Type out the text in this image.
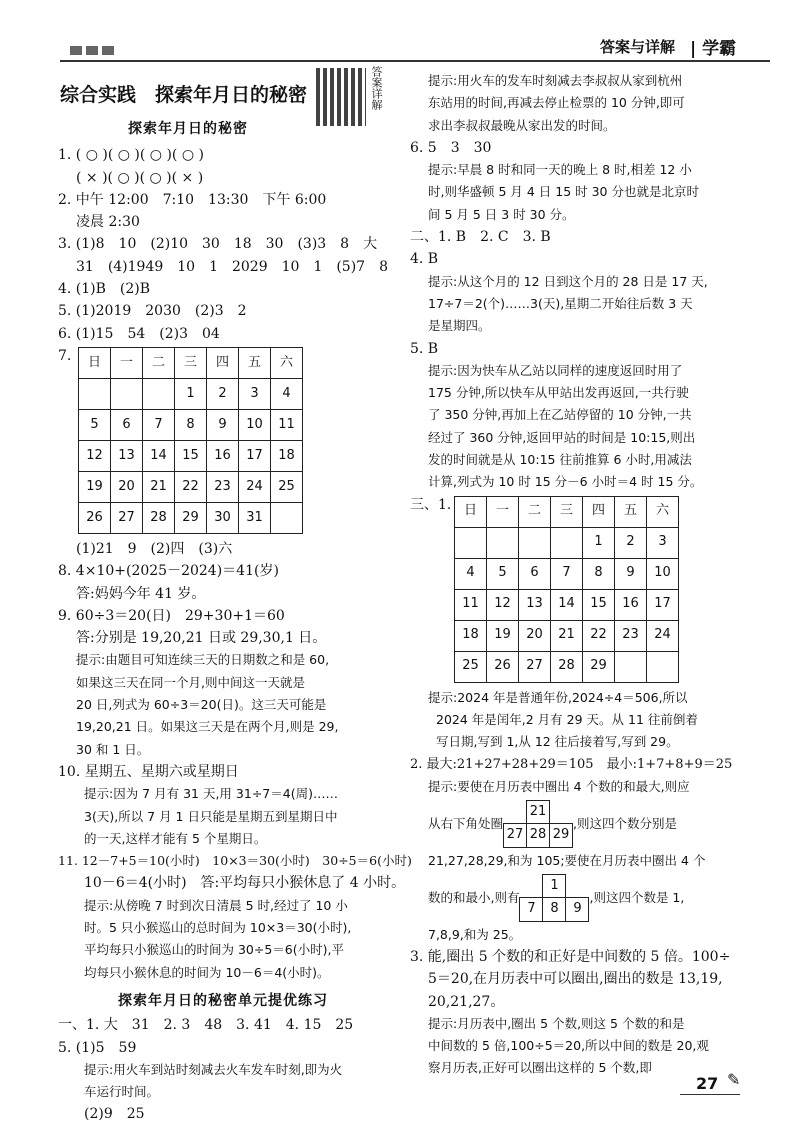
答案与详解 | 学霸

综合实践　探索年月日的秘密

探索年月日的秘密

1. ( ○ )( ○ )( ○ )( ○ )

( × )( ○ )( ○ )( × )

2. 中午 12:00　7:10　13:30　下午 6:00

凌晨 2:30

3. (1)8　10　(2)10　30　18　30　(3)3　8　大

31　(4)1949　10　1　2029　10　1　(5)7　8

4. (1)B　(2)B

5. (1)2019　2030　(2)3　2

6. (1)15　54　(2)3　04

7.	日	一	二	三	四	五	六
			1	2	3	4
5	6	7	8	9	10	11
12	13	14	15	16	17	18
19	20	21	22	23	24	25
26	27	28	29	30	31	

(1)21　9　(2)四　(3)六

8. 4×10+(2025－2024)＝41(岁)

答:妈妈今年 41 岁。

9. 60÷3＝20(日)　29+30+1＝60

答:分别是 19,20,21 日或 29,30,1 日。

提示:由题目可知连续三天的日期数之和是 60,

如果这三天在同一个月,则中间这一天就是

20 日,列式为 60÷3＝20(日)。这三天可能是

19,20,21 日。如果这三天是在两个月,则是 29,

30 和 1 日。

10. 星期五、星期六或星期日

提示:因为 7 月有 31 天,用 31÷7＝4(周)……

3(天),所以 7 月 1 日只能是星期五到星期日中

的一天,这样才能有 5 个星期日。

11. 12－7+5＝10(小时)　10×3＝30(小时)　30÷5＝6(小时)

10－6＝4(小时)　答:平均每只小猴休息了 4 小时。

提示:从傍晚 7 时到次日清晨 5 时,经过了 10 小

时。5 只小猴巡山的总时间为 10×3＝30(小时),

平均每只小猴巡山的时间为 30÷5＝6(小时),平

均每只小猴休息的时间为 10－6＝4(小时)。

探索年月日的秘密单元提优练习

一、1. 大　31　2. 3　48　3. 41　4. 15　25

5. (1)5　59

提示:用火车到站时刻减去火车发车时刻,即为火

车运行时间。

(2)9　25

答案详解	提示:用火车的发车时刻减去李叔叔从家到杭州

东站用的时间,再减去停止检票的 10 分钟,即可

求出李叔叔最晚从家出发的时间。

6. 5　3　30

提示:早晨 8 时和同一天的晚上 8 时,相差 12 小

时,则华盛顿 5 月 4 日 15 时 30 分也就是北京时

间 5 月 5 日 3 时 30 分。

二、1. B　2. C　3. B

4. B

提示:从这个月的 12 日到这个月的 28 日是 17 天,

17÷7＝2(个)……3(天),星期二开始往后数 3 天

是星期四。

5. B

提示:因为快车从乙站以同样的速度返回时用了

175 分钟,所以快车从甲站出发再返回,一共行驶

了 350 分钟,再加上在乙站停留的 10 分钟,一共

经过了 360 分钟,返回甲站的时间是 10:15,则出

发的时间就是从 10:15 往前推算 6 小时,用减法

计算,列式为 10 时 15 分－6 小时＝4 时 15 分。

三、1. 日	一	二	三	四	五	六
				1	2	3
4	5	6	7	8	9	10
11	12	13	14	15	16	17
18	19	20	21	22	23	24
25	26	27	28	29		

提示:2024 年是普通年份,2024÷4＝506,所以

2024 年是闰年,2 月有 29 天。从 11 往前倒着

写日期,写到 1,从 12 往后接着写,写到 29。

2. 最大:21+27+28+29＝105　最小:1+7+8+9＝25

提示:要使在月历表中圈出 4 个数的和最大,则应

从右下角处圈
	21	
27	28	29
,则这四个数分别是

21,27,28,29,和为 105;要使在月历表中圈出 4 个

数的和最小,则有
	1	
7	8	9
,则这四个数是 1,

7,8,9,和为 25。

3. 能,圈出 5 个数的和正好是中间数的 5 倍。100÷

5＝20,在月历表中可以圈出,圈出的数是 13,19,

20,21,27。

提示:月历表中,圈出 5 个数,则这 5 个数的和是

中间数的 5 倍,100÷5＝20,所以中间的数是 20,观

察月历表,正好可以圈出这样的 5 个数,即

27 ✎
